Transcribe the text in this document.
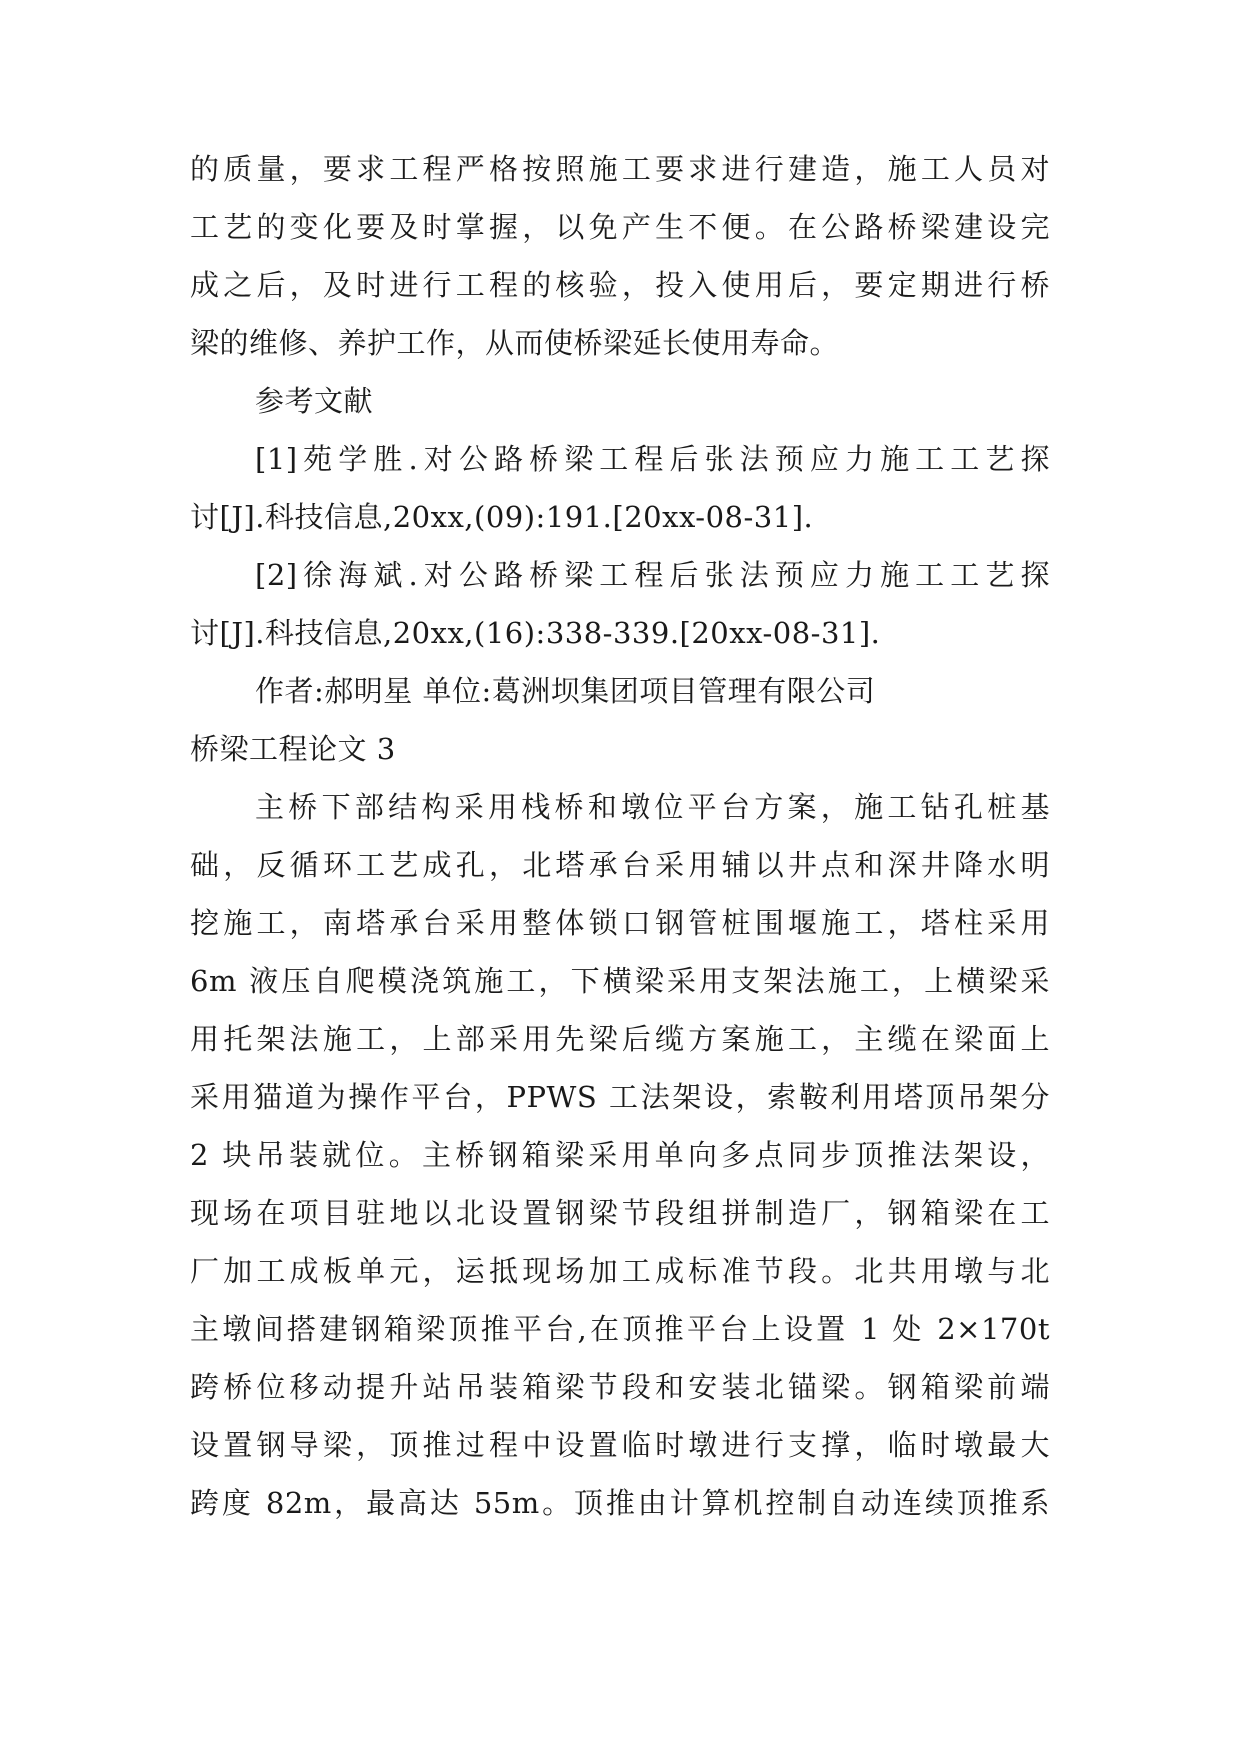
的质量，要求工程严格按照施工要求进行建造，施工人员对
工艺的变化要及时掌握，以免产生不便。在公路桥梁建设完
成之后，及时进行工程的核验，投入使用后，要定期进行桥
梁的维修、养护工作，从而使桥梁延长使用寿命。
参考文献
[1]苑学胜.对公路桥梁工程后张法预应力施工工艺探
讨[J].科技信息,20xx,(09):191.[20xx-08-31].
[2]徐海斌.对公路桥梁工程后张法预应力施工工艺探
讨[J].科技信息,20xx,(16):338-339.[20xx-08-31].
作者:郝明星 单位:葛洲坝集团项目管理有限公司
桥梁工程论文 3
主桥下部结构采用栈桥和墩位平台方案，施工钻孔桩基
础，反循环工艺成孔，北塔承台采用辅以井点和深井降水明
挖施工，南塔承台采用整体锁口钢管桩围堰施工，塔柱采用
6m 液压自爬模浇筑施工，下横梁采用支架法施工，上横梁采
用托架法施工，上部采用先梁后缆方案施工，主缆在梁面上
采用猫道为操作平台，PPWS 工法架设，索鞍利用塔顶吊架分
2 块吊装就位。主桥钢箱梁采用单向多点同步顶推法架设，
现场在项目驻地以北设置钢梁节段组拼制造厂，钢箱梁在工
厂加工成板单元，运抵现场加工成标准节段。北共用墩与北
主墩间搭建钢箱梁顶推平台,在顶推平台上设置 1 处 2×170t
跨桥位移动提升站吊装箱梁节段和安装北锚梁。钢箱梁前端
设置钢导梁，顶推过程中设置临时墩进行支撑，临时墩最大
跨度 82m，最高达 55m。顶推由计算机控制自动连续顶推系
